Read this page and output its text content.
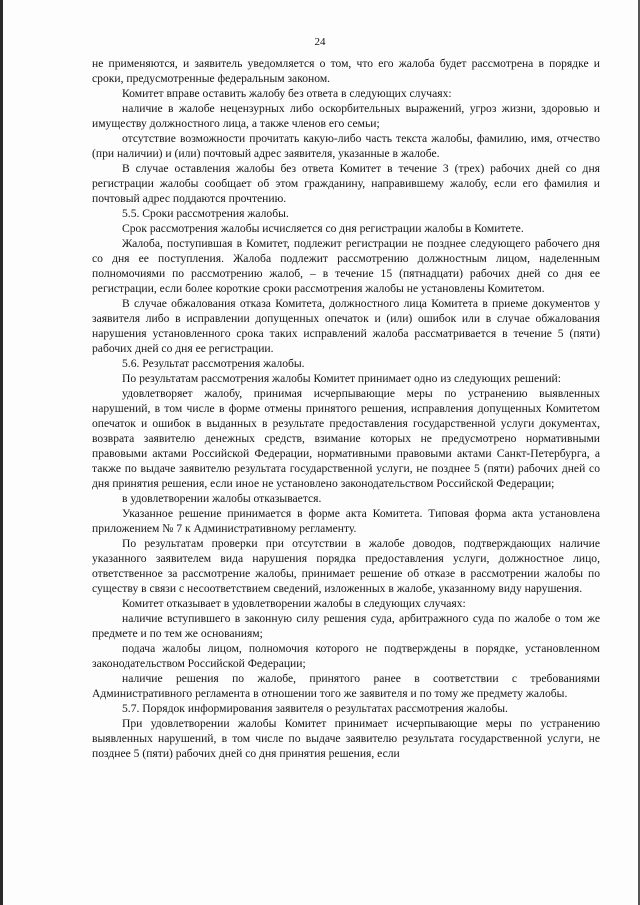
24

не применяются, и заявитель уведомляется о том, что его жалоба будет рассмотрена в порядке и сроки, предусмотренные федеральным законом.

Комитет вправе оставить жалобу без ответа в следующих случаях:

наличие в жалобе нецензурных либо оскорбительных выражений, угроз жизни, здоровью и имуществу должностного лица, а также членов его семьи;

отсутствие возможности прочитать какую-либо часть текста жалобы, фамилию, имя, отчество (при наличии) и (или) почтовый адрес заявителя, указанные в жалобе.

В случае оставления жалобы без ответа Комитет в течение 3 (трех) рабочих дней со дня регистрации жалобы сообщает об этом гражданину, направившему жалобу, если его фамилия и почтовый адрес поддаются прочтению.

5.5. Сроки рассмотрения жалобы.

Срок рассмотрения жалобы исчисляется со дня регистрации жалобы в Комитете.

Жалоба, поступившая в Комитет, подлежит регистрации не позднее следующего рабочего дня со дня ее поступления. Жалоба подлежит рассмотрению должностным лицом, наделенным полномочиями по рассмотрению жалоб, – в течение 15 (пятнадцати) рабочих дней со дня ее регистрации, если более короткие сроки рассмотрения жалобы не установлены Комитетом.

В случае обжалования отказа Комитета, должностного лица Комитета в приеме документов у заявителя либо в исправлении допущенных опечаток и (или) ошибок или в случае обжалования нарушения установленного срока таких исправлений жалоба рассматривается в течение 5 (пяти) рабочих дней со дня ее регистрации.

5.6. Результат рассмотрения жалобы.

По результатам рассмотрения жалобы Комитет принимает одно из следующих решений:

удовлетворяет жалобу, принимая исчерпывающие меры по устранению выявленных нарушений, в том числе в форме отмены принятого решения, исправления допущенных Комитетом опечаток и ошибок в выданных в результате предоставления государственной услуги документах, возврата заявителю денежных средств, взимание которых не предусмотрено нормативными правовыми актами Российской Федерации, нормативными правовыми актами Санкт-Петербурга, а также по выдаче заявителю результата государственной услуги, не позднее 5 (пяти) рабочих дней со дня принятия решения, если иное не установлено законодательством Российской Федерации;

в удовлетворении жалобы отказывается.

Указанное решение принимается в форме акта Комитета. Типовая форма акта установлена приложением № 7 к Административному регламенту.

По результатам проверки при отсутствии в жалобе доводов, подтверждающих наличие указанного заявителем вида нарушения порядка предоставления услуги, должностное лицо, ответственное за рассмотрение жалобы, принимает решение об отказе в рассмотрении жалобы по существу в связи с несоответствием сведений, изложенных в жалобе, указанному виду нарушения.

Комитет отказывает в удовлетворении жалобы в следующих случаях:

наличие вступившего в законную силу решения суда, арбитражного суда по жалобе о том же предмете и по тем же основаниям;

подача жалобы лицом, полномочия которого не подтверждены в порядке, установленном законодательством Российской Федерации;

наличие решения по жалобе, принятого ранее в соответствии с требованиями Административного регламента в отношении того же заявителя и по тому же предмету жалобы.

5.7. Порядок информирования заявителя о результатах рассмотрения жалобы.

При удовлетворении жалобы Комитет принимает исчерпывающие меры по устранению выявленных нарушений, в том числе по выдаче заявителю результата государственной услуги, не позднее 5 (пяти) рабочих дней со дня принятия решения, если
